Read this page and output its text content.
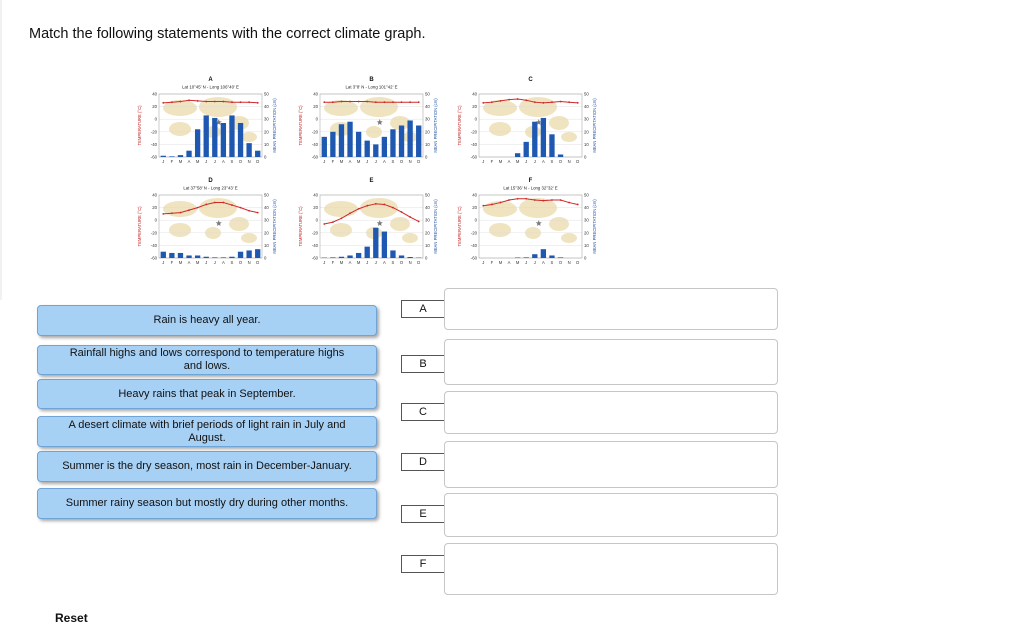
Match the following statements with the correct climate graph.
A
Lat 10°45' N - Long 106°40' E
40
20
0
-20
-40
-60
50
40
30
20
10
0
J F M A M J J A S O N D
TEMPERATURE (°C)	MEAN PRECIPITATION (cm)
B
Lat 3°8' N - Long 101°42' E
40
20
0
-20
-40
-60
50
40
30
20
10
0
J F M A M J J A S O N D
TEMPERATURE (°C)	MEAN PRECIPITATION (cm)
C
40
20
0
-20
-40
-60
50
40
30
20
10
0
J F M A M J J A S O N D
TEMPERATURE (°C)	MEAN PRECIPITATION (cm)
D
Lat 37°58' N - Long 23°43' E
40
20
0
-20
-40
-60
50
40
30
20
10
0
J F M A M J J A S O N D
TEMPERATURE (°C)	MEAN PRECIPITATION (cm)
E
40
20
0
-20
-40
-60
50
40
30
20
10
0
J F M A M J J A S O N D
TEMPERATURE (°C)	MEAN PRECIPITATION (cm)
F
Lat 15°36' N - Long 32°32' E
40
20
0
-20
-40
-60
50
40
30
20
10
0
J F M A M J J A S O N D
TEMPERATURE (°C)	MEAN PRECIPITATION (cm)
Rain is heavy all year.
Rainfall highs and lows correspond to temperature highs and lows.
Heavy rains that peak in September.
A desert climate with brief periods of light rain in July and August.
Summer is the dry season, most rain in December-January.
Summer rainy season but mostly dry during other months.
A
B
C
D
E
F
Reset
